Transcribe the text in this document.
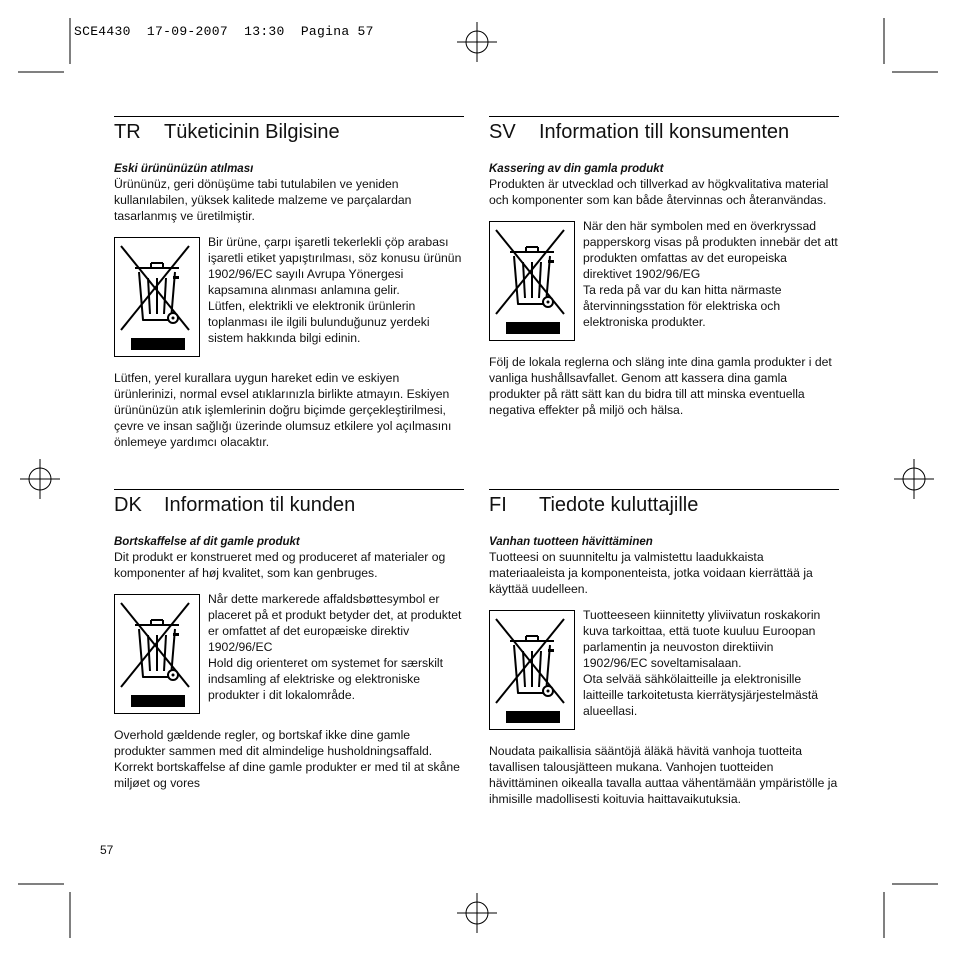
SCE4430  17-09-2007  13:30  Pagina 57
TR	Tüketicinin Bilgisine
Eski ürününüzün atılması

Ürününüz, geri dönüşüme tabi tutulabilen ve yeniden kullanılabilen, yüksek kalitede malzeme ve parçalardan tasarlanmış ve üretilmiştir.

Bir ürüne, çarpı işaretli tekerlekli çöp arabası işaretli etiket yapıştırılması, söz konusu ürünün 1902/96/EC sayılı Avrupa Yönergesi kapsamına alınması anlamına gelir.
Lütfen, elektrikli ve elektronik ürünlerin toplanması ile ilgili bulunduğunuz yerdeki sistem hakkında bilgi edinin.

Lütfen, yerel kurallara uygun hareket edin ve eskiyen ürünlerinizi, normal evsel atıklarınızla birlikte atmayın. Eskiyen ürününüzün atık işlemlerinin doğru biçimde gerçekleştirilmesi, çevre ve insan sağlığı üzerinde olumsuz etkilere yol açılmasını önlemeye yardımcı olacaktır.

SV	Information till konsumenten
Kassering av din gamla produkt

Produkten är utvecklad och tillverkad av högkvalitativa material och komponenter som kan både återvinnas och återanvändas.

När den här symbolen med en överkryssad papperskorg visas på produkten innebär det att produkten omfattas av det europeiska direktivet 1902/96/EG
Ta reda på var du kan hitta närmaste återvinningsstation för elektriska och elektroniska produkter.

Följ de lokala reglerna och släng inte dina gamla produkter i det vanliga hushållsavfallet. Genom att kassera dina gamla produkter på rätt sätt kan du bidra till att minska eventuella negativa effekter på miljö och hälsa.

DK	Information til kunden
Bortskaffelse af dit gamle produkt

Dit produkt er konstrueret med og produceret af materialer og komponenter af høj kvalitet, som kan genbruges.

Når dette markerede affaldsbøttesymbol er placeret på et produkt betyder det, at produktet er omfattet af det europæiske direktiv 1902/96/EC
Hold dig orienteret om systemet for særskilt indsamling af elektriske og elektroniske produkter i dit lokalområde.

Overhold gældende regler, og bortskaf ikke dine gamle produkter sammen med dit almindelige husholdningsaffald. Korrekt bortskaffelse af dine gamle produkter er med til at skåne miljøet og vores

FI	Tiedote kuluttajille
Vanhan tuotteen hävittäminen

Tuotteesi on suunniteltu ja valmistettu laadukkaista materiaaleista ja komponenteista, jotka voidaan kierrättää ja käyttää uudelleen.

Tuotteeseen kiinnitetty yliviivatun roskakorin kuva tarkoittaa, että tuote kuuluu Euroopan parlamentin ja neuvoston direktiivin 1902/96/EC soveltamisalaan.
Ota selvää sähkölaitteille ja elektronisille laitteille tarkoitetusta kierrätysjärjestelmästä alueellasi.

Noudata paikallisia sääntöjä äläkä hävitä vanhoja tuotteita tavallisen talousjätteen mukana. Vanhojen tuotteiden hävittäminen oikealla tavalla auttaa vähentämään ympäristölle ja ihmisille madollisesti koituvia haittavaikutuksia.

57
